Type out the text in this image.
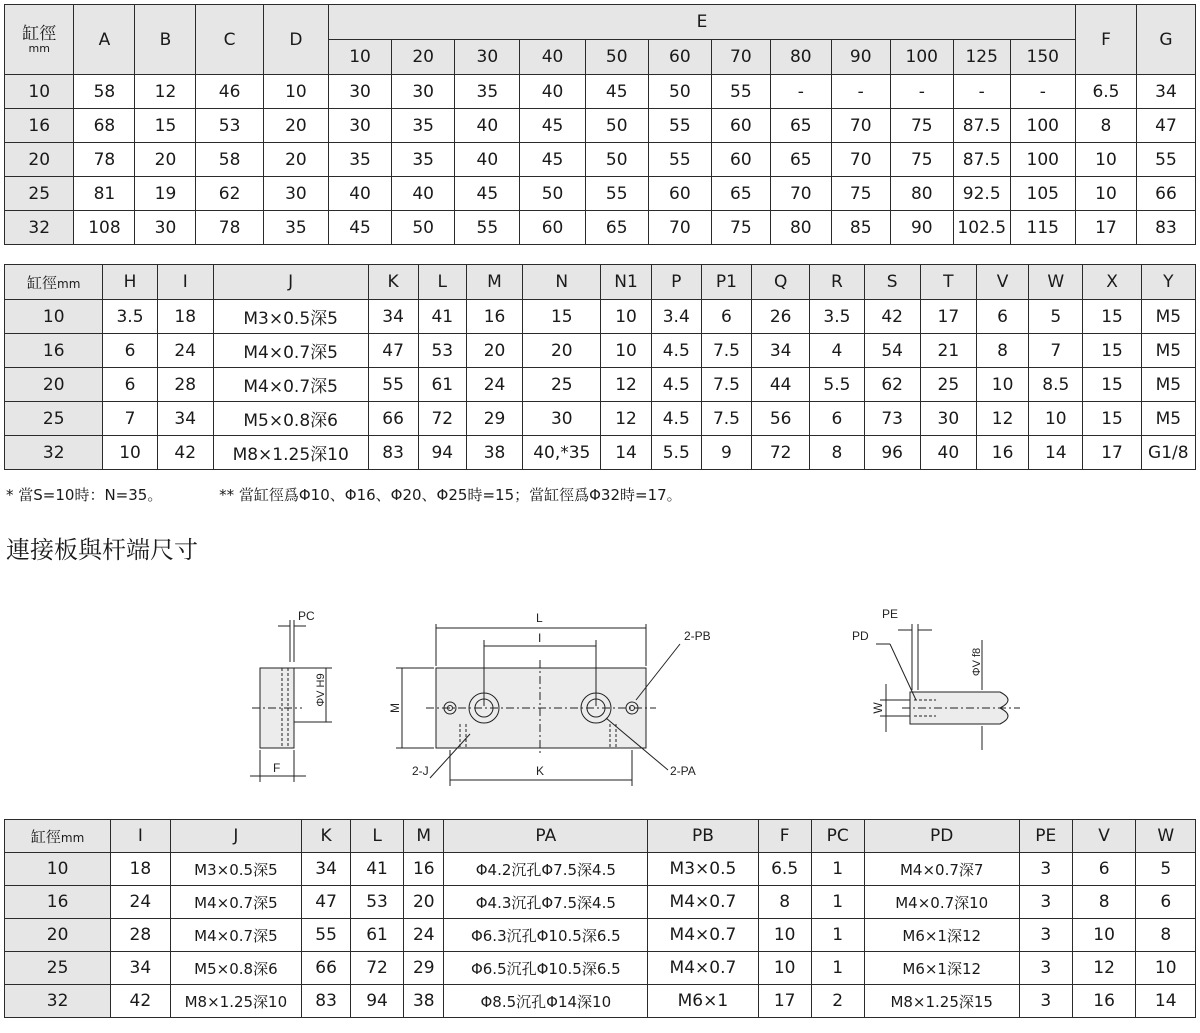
缸徑
mm	A	B	C	D	E												F	G
					10	20	30	40	50	60	70	80	90	100	125	150		
10	58	12	46	10	30	30	35	40	45	50	55	-	-	-	-	-	6.5	34
16	68	15	53	20	30	35	40	45	50	55	60	65	70	75	87.5	100	8	47
20	78	20	58	20	35	35	40	45	50	55	60	65	70	75	87.5	100	10	55
25	81	19	62	30	40	40	45	50	55	60	65	70	75	80	92.5	105	10	66
32	108	30	78	35	45	50	55	60	65	70	75	80	85	90	102.5	115	17	83
缸徑mm	H	I	J	K	L	M	N	N1	P	P1	Q	R	S	T	V	W	X	Y
10	3.5	18	M3×0.5深5	34	41	16	15	10	3.4	6	26	3.5	42	17	6	5	15	M5
16	6	24	M4×0.7深5	47	53	20	20	10	4.5	7.5	34	4	54	21	8	7	15	M5
20	6	28	M4×0.7深5	55	61	24	25	12	4.5	7.5	44	5.5	62	25	10	8.5	15	M5
25	7	34	M5×0.8深6	66	72	29	30	12	4.5	7.5	56	6	73	30	12	10	15	M5
32	10	42	M8×1.25深10	83	94	38	40,*35	14	5.5	9	72	8	96	40	16	14	17	G1/8
* 當S=10時：N=35。	** 當缸徑爲Φ10、Φ16、Φ20、Φ25時=15；當缸徑爲Φ32時=17。
連接板與杆端尺寸
PC
ΦV H9
F
L
I	2-PB
M
K
2-J	2-PA
PE
PD
ΦV f8
W
缸徑mm	I	J	K	L	M	PA	PB	F	PC	PD	PE	V	W
10	18	M3×0.5深5	34	41	16	Φ4.2沉孔Φ7.5深4.5	M3×0.5	6.5	1	M4×0.7深7	3	6	5
16	24	M4×0.7深5	47	53	20	Φ4.3沉孔Φ7.5深4.5	M4×0.7	8	1	M4×0.7深10	3	8	6
20	28	M4×0.7深5	55	61	24	Φ6.3沉孔Φ10.5深6.5	M4×0.7	10	1	M6×1深12	3	10	8
25	34	M5×0.8深6	66	72	29	Φ6.5沉孔Φ10.5深6.5	M4×0.7	10	1	M6×1深12	3	12	10
32	42	M8×1.25深10	83	94	38	Φ8.5沉孔Φ14深10	M6×1	17	2	M8×1.25深15	3	16	14
